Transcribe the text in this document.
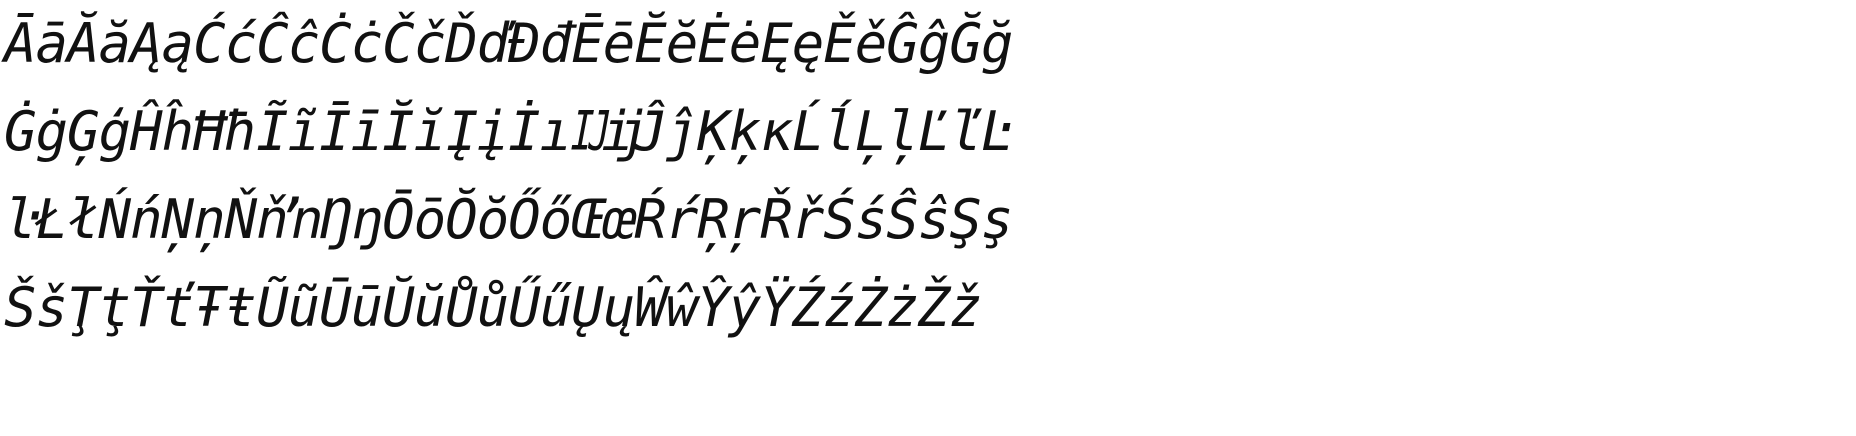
ĀāĂăĄąĆćĈĉĊċČčĎďĐđĒēĔĕĖėĘęĚěĜĝĞğ
ĠġĢģĤĥĦħĨĩĪīĬĭĮįİıĲĳĴĵĶķĸĹĺĻļĽľĿ
ŀŁłŃńŅņŇňŉŊŋŌōŎŏŐőŒœŔŕŖŗŘřŚśŜŝŞş
ŠšŢţŤťŦŧŨũŪūŬŭŮůŰűŲųŴŵŶŷŸŹźŻżŽž
